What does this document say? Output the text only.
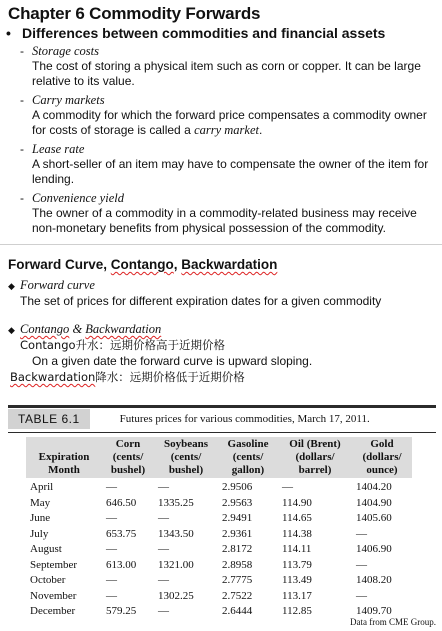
Chapter 6 Commodity Forwards
• Differences between commodities and financial assets
- Storage costs
The cost of storing a physical item such as corn or copper. It can be large relative to its value.
- Carry markets
A commodity for which the forward price compensates a commodity owner for costs of storage is called a carry market.
- Lease rate
A short-seller of an item may have to compensate the owner of the item for lending.
- Convenience yield
The owner of a commodity in a commodity-related business may receive non-monetary benefits from physical possession of the commodity.
Forward Curve, Contango, Backwardation
◆ Forward curve
The set of prices for different expiration dates for a given commodity
◆ Contango & Backwardation
Contango升水：远期价格高于近期价格
On a given date the forward curve is upward sloping.
Backwardation降水：远期价格低于近期价格
TABLE 6.1	Futures prices for various commodities, March 17, 2011.
Expiration Month	Corn (cents/ bushel)	Soybeans (cents/ bushel)	Gasoline (cents/ gallon)	Oil (Brent) (dollars/ barrel)	Gold (dollars/ ounce)
April	—	—	2.9506	—	1404.20
May	646.50	1335.25	2.9563	114.90	1404.90
June	—	—	2.9491	114.65	1405.60
July	653.75	1343.50	2.9361	114.38	—
August	—	—	2.8172	114.11	1406.90
September	613.00	1321.00	2.8958	113.79	—
October	—	—	2.7775	113.49	1408.20
November	—	1302.25	2.7522	113.17	—
December	579.25	—	2.6444	112.85	1409.70
Data from CME Group.
